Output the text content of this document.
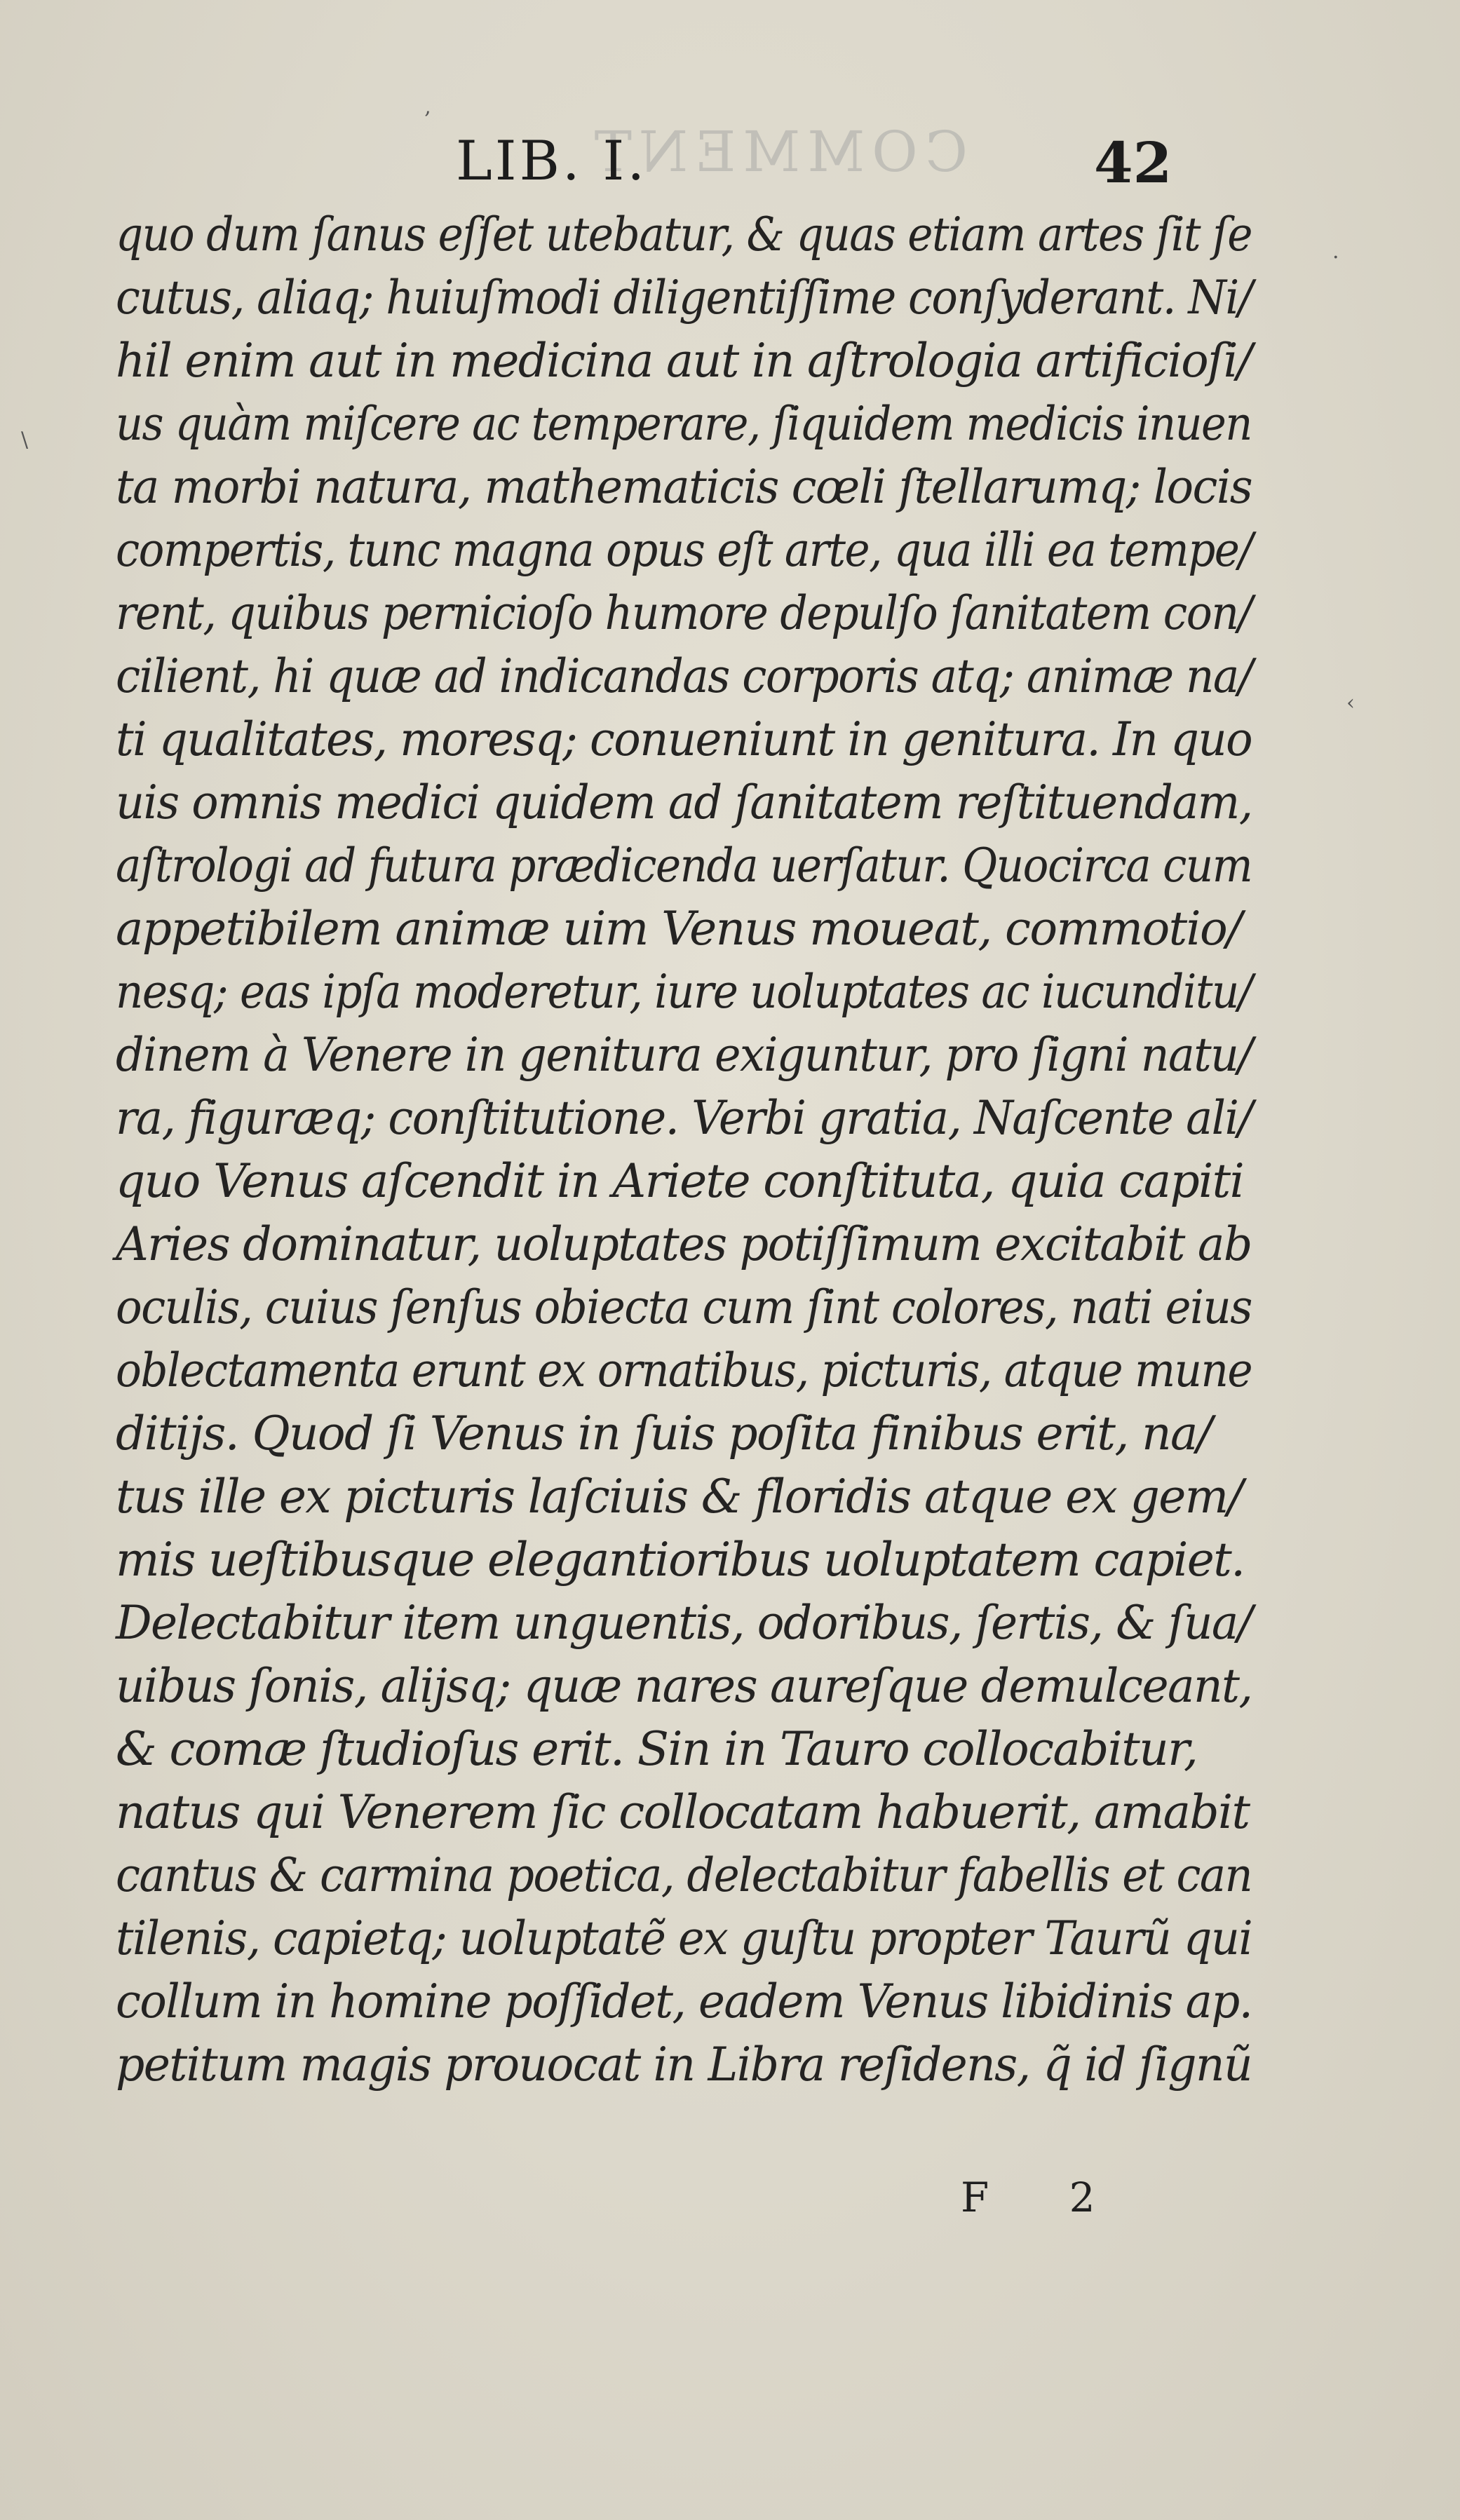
COMMENT
‚
·
\
‹
LIB. I.	42
quo dum ſanus eſſet utebatur, & quas etiam artes ſit ſe
cutus, aliaq; huiuſmodi diligentiſſime conſyderant. Ni/
hil enim aut in medicina aut in aſtrologia artificioſi/
us quàm miſcere ac temperare, ſiquidem medicis inuen
ta morbi natura, mathematicis cœli ſtellarumq; locis
compertis, tunc magna opus eſt arte, qua illi ea tempe/
rent, quibus pernicioſo humore depulſo ſanitatem con/
cilient, hi quæ ad indicandas corporis atq; animæ na/
ti qualitates, moresq; conueniunt in genitura. In quo
uis omnis medici quidem ad ſanitatem reſtituendam,
aſtrologi ad futura prædicenda uerſatur. Quocirca cum
appetibilem animæ uim Venus moueat, commotio/
nesq; eas ipſa moderetur, iure uoluptates ac iucunditu/
dinem à Venere in genitura exiguntur, pro ſigni natu/
ra, figuræq; conſtitutione. Verbi gratia, Naſcente ali/
quo Venus aſcendit in Ariete conſtituta, quia capiti
Aries dominatur, uoluptates potiſſimum excitabit ab
oculis, cuius ſenſus obiecta cum ſint colores, nati eius
oblectamenta erunt ex ornatibus, picturis, atque mune
ditijs. Quod ſi Venus in ſuis poſita finibus erit, na/
tus ille ex picturis laſciuis & floridis atque ex gem/
mis ueſtibusque elegantioribus uoluptatem capiet.
Delectabitur item unguentis, odoribus, ſertis, & ſua/
uibus ſonis, alijsq; quæ nares aureſque demulceant,
& comæ ſtudioſus erit. Sin in Tauro collocabitur,
natus qui Venerem ſic collocatam habuerit, amabit
cantus & carmina poetica, delectabitur fabellis et can
tilenis, capietq; uoluptatẽ ex guſtu propter Taurũ qui
collum in homine poſſidet, eadem Venus libidinis ap.
petitum magis prouocat in Libra reſidens, q̃ id ſignũ
F 2
